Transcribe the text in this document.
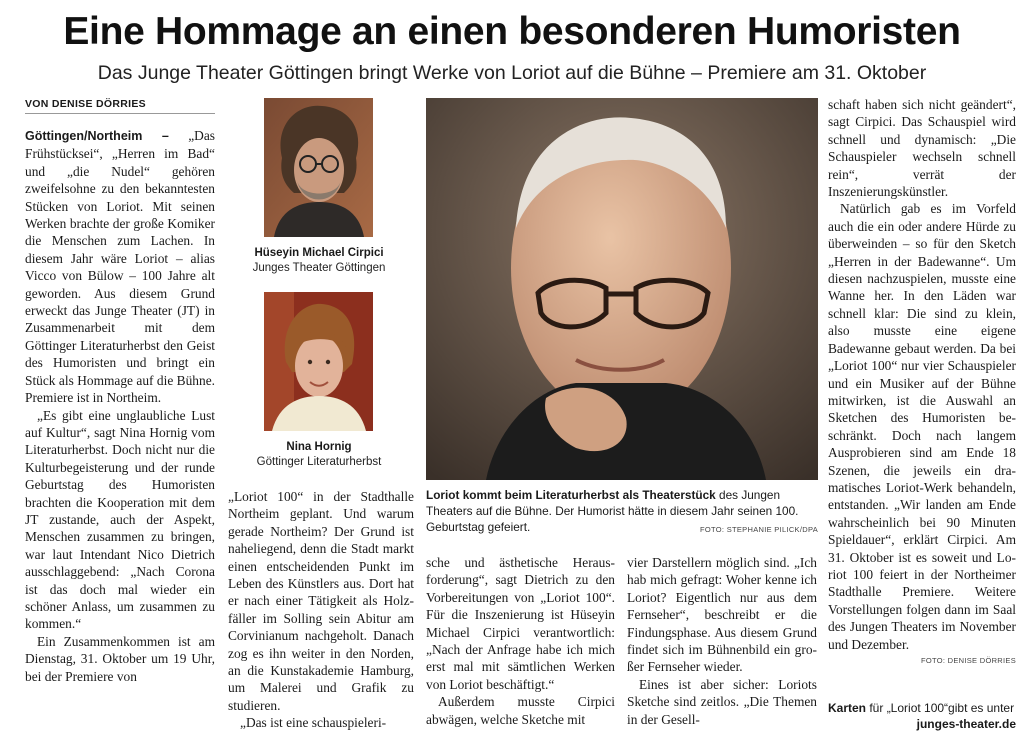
Eine Hommage an einen besonderen Humoristen
Das Junge Theater Göttingen bringt Werke von Loriot auf die Bühne – Premiere am 31. Oktober
VON DENISE DÖRRIES

Göttingen/Northeim – „Das Frühstücksei“, „Herren im Bad“ und „die Nudel“ gehören zweifelsohne zu den bekanntesten Stücken von Loriot. Mit seinen Werken brachte der große Komiker die Menschen zum Lachen. In diesem Jahr wäre Loriot – alias Vicco von Bülow – 100 Jahre alt geworden. Aus diesem Grund erweckt das Junge Theater (JT) in Zusammenarbeit mit dem Göttinger Literaturherbst den Geist des Humoristen und bringt ein Stück als Hommage auf die Bühne. Premiere ist in Northeim.

„Es gibt eine unglaubliche Lust auf Kultur“, sagt Nina Hornig vom Literaturherbst. Doch nicht nur die Kulturbegeisterung und der runde Geburtstag des Humoristen brachten die Kooperation mit dem JT zustande, auch der Aspekt, Menschen zusammen zu bringen, war laut Intendant Nico Dietrich ausschlaggebend: „Nach Corona ist das doch mal wieder ein schöner Anlass, um zusammen zu kommen.“

Ein Zusammenkommen ist am Dienstag, 31. Oktober um 19 Uhr, bei der Premiere von

Hüseyin Michael Cirpici
Junges Theater Göttingen
Nina Hornig
Göttinger Literaturherbst
Loriot kommt beim Literaturherbst als Theaterstück des Jungen Theaters auf die Bühne. Der Humorist hätte in diesem Jahr seinen 100. Geburtstag gefeiert.	FOTO: STEPHANIE PILICK/DPA

„Loriot 100“ in der Stadthalle Northeim geplant. Und warum gerade Northeim? Der Grund ist naheliegend, denn die Stadt markt einen entscheidenden Punkt im Leben des Künstlers aus. Dort hat er nach einer Tätigkeit als Holzfäller im Solling sein Abitur am Corvinianum nachgeholt. Danach zog es ihn weiter in den Norden, an die Kunstakademie Hamburg, um Malerei und Grafik zu studieren.

„Das ist eine schauspieleri-

sche und ästhetische Herausforderung“, sagt Dietrich zu den Vorbereitungen von „Loriot 100“. Für die Inszenierung ist Hüseyin Michael Cirpici verantwortlich: „Nach der Anfrage habe ich mich erst mal mit sämtlichen Werken von Loriot beschäftigt.“

Außerdem musste Cirpici abwägen, welche Sketche mit

vier Darstellern möglich sind. „Ich hab mich gefragt: Woher kenne ich Loriot? Eigentlich nur aus dem Fernseher“, beschreibt er die Findungsphase. Aus diesem Grund findet sich im Bühnenbild ein großer Fernseher wieder.

Eines ist aber sicher: Loriots Sketche sind zeitlos. „Die Themen in der Gesell-

schaft haben sich nicht geändert“, sagt Cirpici. Das Schauspiel wird schnell und dynamisch: „Die Schauspieler wechseln schnell rein“, verrät der Inszenierungskünstler.

Natürlich gab es im Vorfeld auch die ein oder andere Hürde zu überweinden – so für den Sketch „Herren in der Badewanne“. Um diesen nachzuspielen, musste eine Wanne her. In den Läden war schnell klar: Die sind zu klein, also musste eine eigene Badewanne gebaut werden. Da bei „Loriot 100“ nur vier Schauspieler und ein Musiker auf der Bühne mitwirken, ist die Auswahl an Sketchen des Humoristen beschränkt. Doch nach langem Ausprobieren sind am Ende 18 Szenen, die jeweils ein dramatisches Loriot-Werk behandeln, entstanden. „Wir landen am Ende wahrscheinlich bei 90 Minuten Spieldauer“, erklärt Cirpici. Am 31. Oktober ist es soweit und Loriot 100 feiert in der Northeimer Stadthalle Premiere. Weitere Vorstellungen folgen dann im Saal des Jungen Theaters im November und Dezember.

FOTO: DENISE DÖRRIES
Karten für „Loriot 100“gibt es unter
junges-theater.de
